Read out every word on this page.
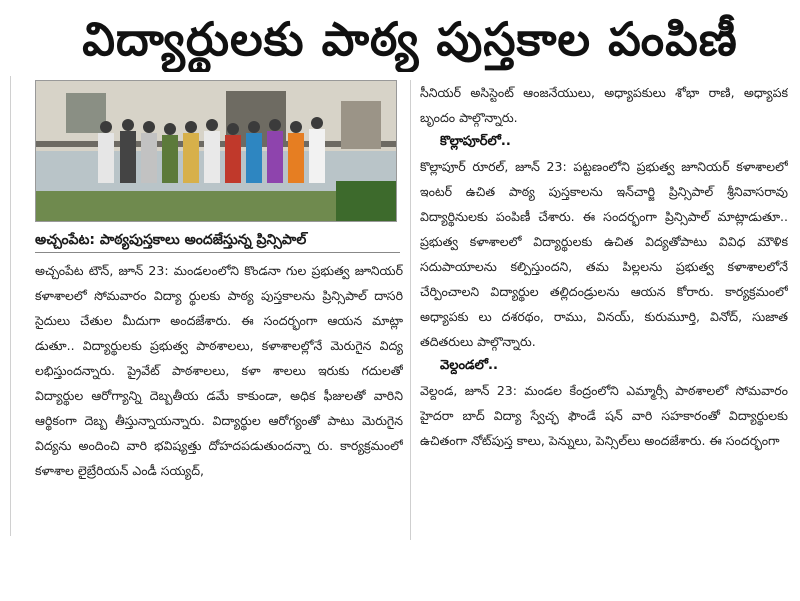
విద్యార్థులకు పాఠ్య పుస్తకాల పంపిణీ
అచ్చంపేట: పాఠ్యపుస్తకాలు అందజేస్తున్న ప్రిన్సిపాల్
అచ్చంపేట టౌన్, జూన్ 23: మండలంలోని కొండనా గుల ప్రభుత్వ జూనియర్ కళాశాలలో సోమవారం విద్యా ర్థులకు పాఠ్య పుస్తకాలను ప్రిన్సిపాల్ దాసరి సైదులు చేతుల మీదుగా అందజేశారు. ఈ సందర్భంగా ఆయన మాట్లా డుతూ.. విద్యార్థులకు ప్రభుత్వ పాఠశాలలు, కళాశాలల్లోనే మెరుగైన విద్య లభిస్తుందన్నారు. ప్రైవేట్ పాఠశాలలు, కళా శాలలు ఇరుకు గదులతో విద్యార్థుల ఆరోగ్యాన్ని దెబ్బతీయ డమే కాకుండా, అధిక ఫీజులతో వారిని ఆర్థికంగా దెబ్బ తీస్తున్నాయన్నారు. విద్యార్థుల ఆరోగ్యంతో పాటు మెరుగైన విద్యను అందించి వారి భవిష్యత్తు దోహదపడుతుందన్నా రు. కార్యక్రమంలో కళాశాల లైబ్రేరియన్ ఎండీ సయ్యద్,

సీనియర్ అసిస్టెంట్ ఆంజనేయులు, అధ్యాపకులు శోభా రాణి, అధ్యాపక బృందం పాల్గొన్నారు.

కొల్లాపూర్‌లో..

కొల్లాపూర్ రూరల్, జూన్ 23: పట్టణంలోని ప్రభుత్వ జూనియర్ కళాశాలలో ఇంటర్ ఉచిత పాఠ్య పుస్తకాలను ఇన్‌చార్జి ప్రిన్సిపాల్ శ్రీనివాసరావు విద్యార్థినులకు పంపిణీ చేశారు. ఈ సందర్భంగా ప్రిన్సిపాల్ మాట్లాడుతూ.. ప్రభుత్వ కళాశాలలో విద్యార్థులకు ఉచిత విద్యతోపాటు వివిధ మౌళిక సదుపాయాలను కల్పిస్తుందని, తమ పిల్లలను ప్రభుత్వ కళాశాలలోనే చేర్పించాలని విద్యార్థుల తల్లిదండ్రులను ఆయన కోరారు. కార్యక్రమంలో అధ్యాపకు లు దశరథం, రాము, వినయ్, కురుమూర్తి, వినోద్, సుజాత తదితరులు పాల్గొన్నారు.

వెల్దండలో..

వెల్దండ, జూన్ 23: మండల కేంద్రంలోని ఎమ్మార్సీ పాఠశాలలో సోమవారం హైదరా బాద్ విద్యా స్వేచ్ఛ ఫౌండే షన్ వారి సహకారంతో విద్యార్థులకు ఉచితంగా నోట్‌పుస్త కాలు, పెన్నులు, పెన్సిల్‌లు అందజేశారు. ఈ సందర్భంగా
